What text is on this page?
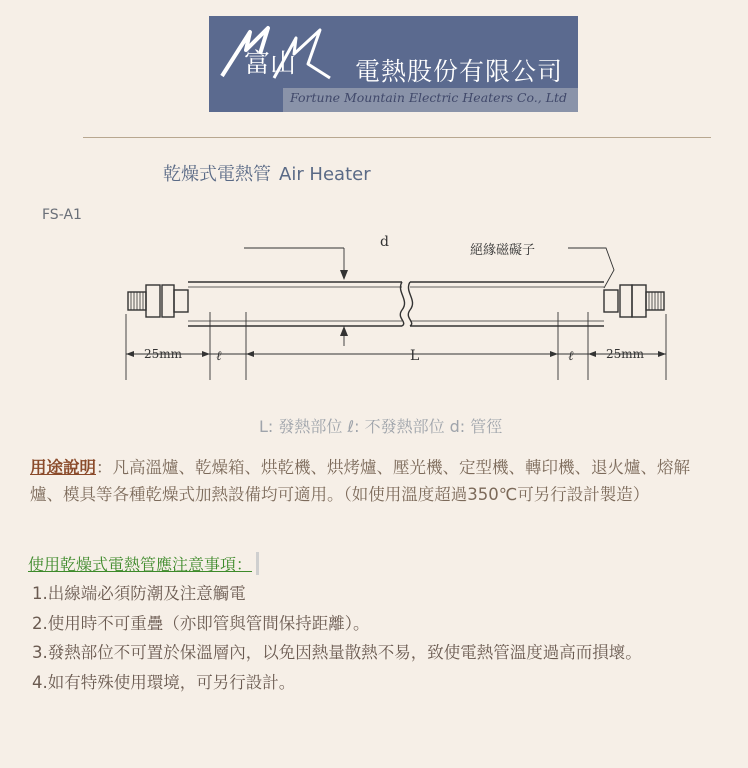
富山 電熱股份有限公司
Fortune Mountain Electric Heaters Co., Ltd
乾燥式電熱管 Air Heater
FS-A1
d
絕緣磁礙子
25mm	ℓ	L	ℓ	25mm
L: 發熱部位 ℓ: 不發熱部位 d: 管徑
用途說明：凡高溫爐、乾燥箱、烘乾機、烘烤爐、壓光機、定型機、轉印機、退火爐、熔解爐、模具等各種乾燥式加熱設備均可適用。（如使用溫度超過350℃可另行設計製造）
使用乾燥式電熱管應注意事項：
1.出線端必須防潮及注意觸電
2.使用時不可重疊（亦即管與管間保持距離）。
3.發熱部位不可置於保溫層內，以免因熱量散熱不易，致使電熱管溫度過高而損壞。
4.如有特殊使用環境，可另行設計。
